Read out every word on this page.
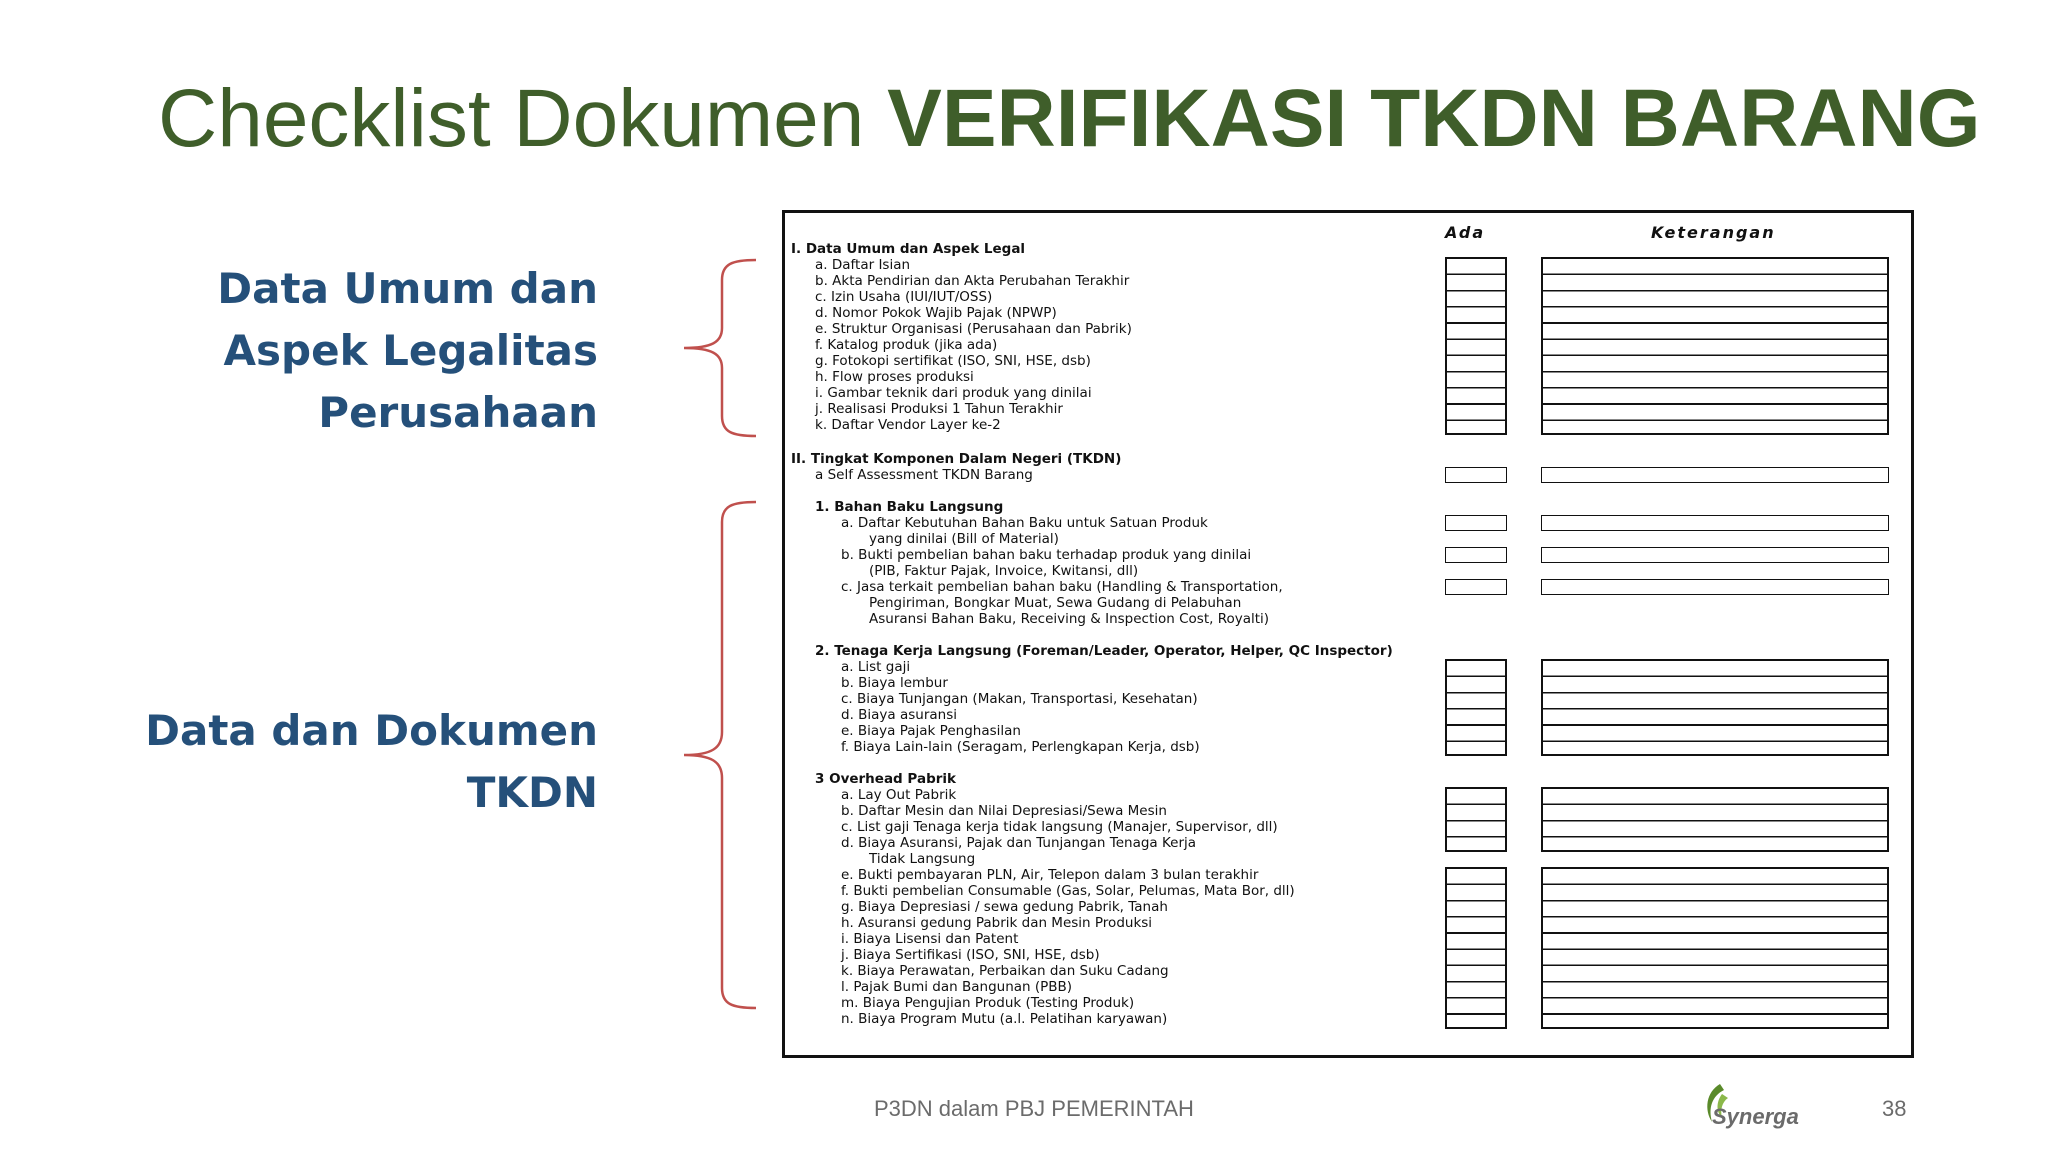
Checklist Dokumen VERIFIKASI TKDN BARANG
Data Umum dan
Aspek Legalitas
Perusahaan
Data dan Dokumen
TKDN
Ada	Keterangan
I. Data Umum dan Aspek Legal
a. Daftar Isian
b. Akta Pendirian dan Akta Perubahan Terakhir
c. Izin Usaha (IUI/IUT/OSS)
d. Nomor Pokok Wajib Pajak (NPWP)
e. Struktur Organisasi (Perusahaan dan Pabrik)
f. Katalog produk (jika ada)
g. Fotokopi sertifikat (ISO, SNI, HSE, dsb)
h. Flow proses produksi
i. Gambar teknik dari produk yang dinilai
j. Realisasi Produksi 1 Tahun Terakhir
k. Daftar Vendor Layer ke-2
II. Tingkat Komponen Dalam Negeri (TKDN)
a Self Assessment TKDN Barang
1. Bahan Baku Langsung
a. Daftar Kebutuhan Bahan Baku untuk Satuan Produk
yang dinilai (Bill of Material)
b. Bukti pembelian bahan baku terhadap produk yang dinilai
(PIB, Faktur Pajak, Invoice, Kwitansi, dll)
c. Jasa terkait pembelian bahan baku (Handling & Transportation,
Pengiriman, Bongkar Muat, Sewa Gudang di Pelabuhan
Asuransi Bahan Baku, Receiving & Inspection Cost, Royalti)
2. Tenaga Kerja Langsung (Foreman/Leader, Operator, Helper, QC Inspector)
a. List gaji
b. Biaya lembur
c. Biaya Tunjangan (Makan, Transportasi, Kesehatan)
d. Biaya asuransi
e. Biaya Pajak Penghasilan
f. Biaya Lain-lain (Seragam, Perlengkapan Kerja, dsb)
3 Overhead Pabrik
a. Lay Out Pabrik
b. Daftar Mesin dan Nilai Depresiasi/Sewa Mesin
c. List gaji Tenaga kerja tidak langsung (Manajer, Supervisor, dll)
d. Biaya Asuransi, Pajak dan Tunjangan Tenaga Kerja
Tidak Langsung
e. Bukti pembayaran PLN, Air, Telepon dalam 3 bulan terakhir
f. Bukti pembelian Consumable (Gas, Solar, Pelumas, Mata Bor, dll)
g. Biaya Depresiasi / sewa gedung Pabrik, Tanah
h. Asuransi gedung Pabrik dan Mesin Produksi
i. Biaya Lisensi dan Patent
j. Biaya Sertifikasi (ISO, SNI, HSE, dsb)
k. Biaya Perawatan, Perbaikan dan Suku Cadang
l. Pajak Bumi dan Bangunan (PBB)
m. Biaya Pengujian Produk (Testing Produk)
n. Biaya Program Mutu (a.l. Pelatihan karyawan)
P3DN dalam PBJ PEMERINTAH	Synerga	38
